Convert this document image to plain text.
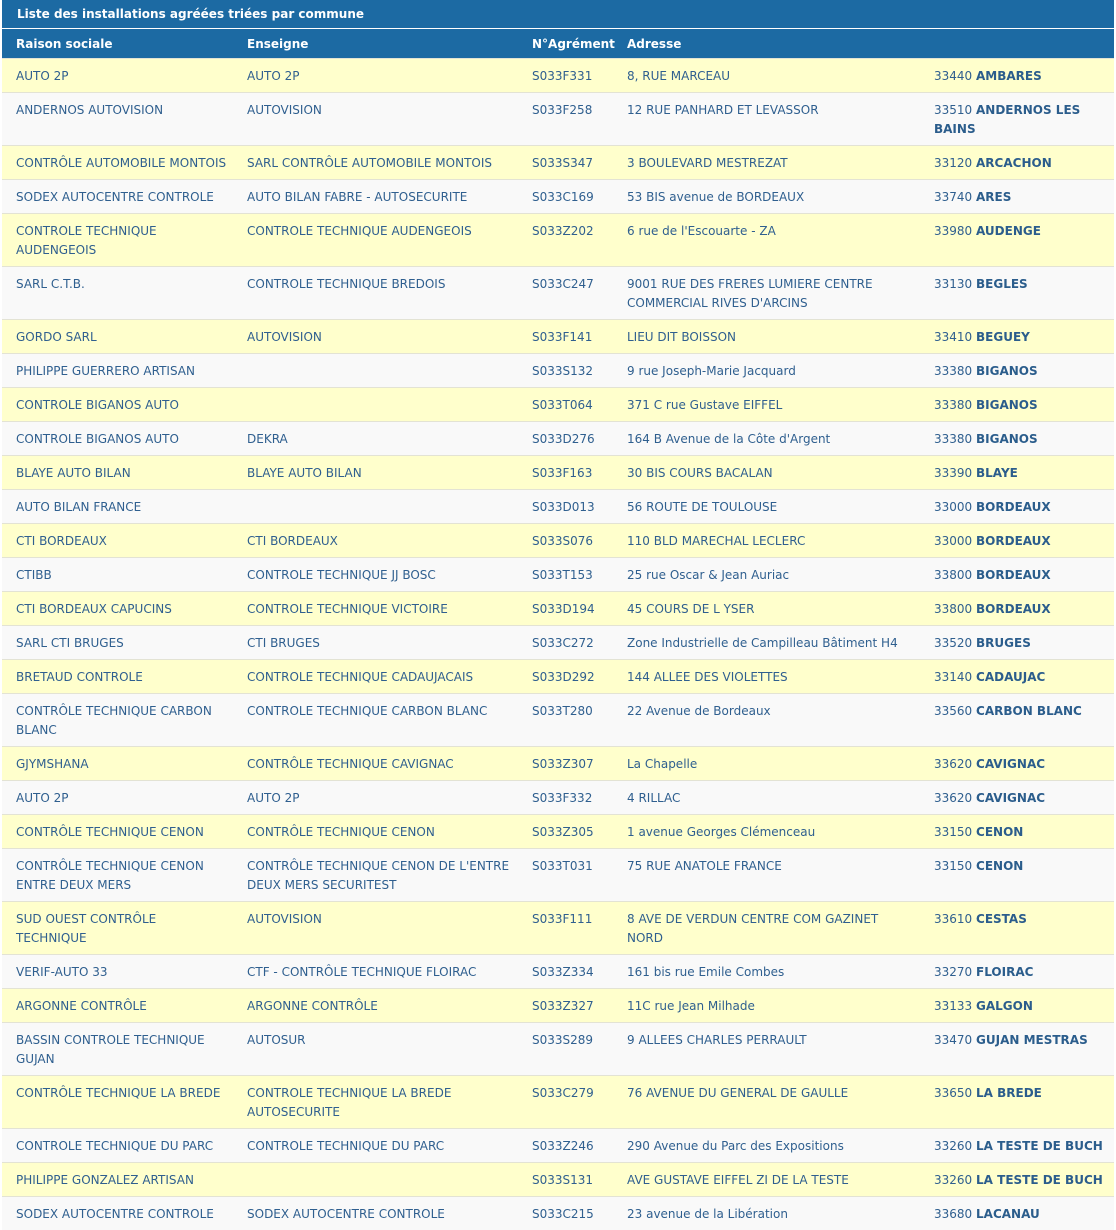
Liste des installations agréées triées par commune
Raison sociale	Enseigne	N°Agrément	Adresse	
AUTO 2P	AUTO 2P	S033F331	8, RUE MARCEAU	33440 AMBARES
ANDERNOS AUTOVISION	AUTOVISION	S033F258	12 RUE PANHARD ET LEVASSOR	33510 ANDERNOS LES BAINS
CONTRÔLE AUTOMOBILE MONTOIS	SARL CONTRÔLE AUTOMOBILE MONTOIS	S033S347	3 BOULEVARD MESTREZAT	33120 ARCACHON
SODEX AUTOCENTRE CONTROLE	AUTO BILAN FABRE - AUTOSECURITE	S033C169	53 BIS avenue de BORDEAUX	33740 ARES
CONTROLE TECHNIQUE AUDENGEOIS	CONTROLE TECHNIQUE AUDENGEOIS	S033Z202	6 rue de l'Escouarte - ZA	33980 AUDENGE
SARL C.T.B.	CONTROLE TECHNIQUE BREDOIS	S033C247	9001 RUE DES FRERES LUMIERE CENTRE COMMERCIAL RIVES D'ARCINS	33130 BEGLES
GORDO SARL	AUTOVISION	S033F141	LIEU DIT BOISSON	33410 BEGUEY
PHILIPPE GUERRERO ARTISAN		S033S132	9 rue Joseph-Marie Jacquard	33380 BIGANOS
CONTROLE BIGANOS AUTO		S033T064	371 C rue Gustave EIFFEL	33380 BIGANOS
CONTROLE BIGANOS AUTO	DEKRA	S033D276	164 B Avenue de la Côte d'Argent	33380 BIGANOS
BLAYE AUTO BILAN	BLAYE AUTO BILAN	S033F163	30 BIS COURS BACALAN	33390 BLAYE
AUTO BILAN FRANCE		S033D013	56 ROUTE DE TOULOUSE	33000 BORDEAUX
CTI BORDEAUX	CTI BORDEAUX	S033S076	110 BLD MARECHAL LECLERC	33000 BORDEAUX
CTIBB	CONTROLE TECHNIQUE JJ BOSC	S033T153	25 rue Oscar & Jean Auriac	33800 BORDEAUX
CTI BORDEAUX CAPUCINS	CONTROLE TECHNIQUE VICTOIRE	S033D194	45 COURS DE L YSER	33800 BORDEAUX
SARL CTI BRUGES	CTI BRUGES	S033C272	Zone Industrielle de Campilleau Bâtiment H4	33520 BRUGES
BRETAUD CONTROLE	CONTROLE TECHNIQUE CADAUJACAIS	S033D292	144 ALLEE DES VIOLETTES	33140 CADAUJAC
CONTRÔLE TECHNIQUE CARBON BLANC	CONTROLE TECHNIQUE CARBON BLANC	S033T280	22 Avenue de Bordeaux	33560 CARBON BLANC
GJYMSHANA	CONTRÔLE TECHNIQUE CAVIGNAC	S033Z307	La Chapelle	33620 CAVIGNAC
AUTO 2P	AUTO 2P	S033F332	4 RILLAC	33620 CAVIGNAC
CONTRÔLE TECHNIQUE CENON	CONTRÔLE TECHNIQUE CENON	S033Z305	1 avenue Georges Clémenceau	33150 CENON
CONTRÔLE TECHNIQUE CENON ENTRE DEUX MERS	CONTRÔLE TECHNIQUE CENON DE L'ENTRE DEUX MERS SECURITEST	S033T031	75 RUE ANATOLE FRANCE	33150 CENON
SUD OUEST CONTRÔLE TECHNIQUE	AUTOVISION	S033F111	8 AVE DE VERDUN CENTRE COM GAZINET NORD	33610 CESTAS
VERIF-AUTO 33	CTF - CONTRÔLE TECHNIQUE FLOIRAC	S033Z334	161 bis rue Emile Combes	33270 FLOIRAC
ARGONNE CONTRÔLE	ARGONNE CONTRÔLE	S033Z327	11C rue Jean Milhade	33133 GALGON
BASSIN CONTROLE TECHNIQUE GUJAN	AUTOSUR	S033S289	9 ALLEES CHARLES PERRAULT	33470 GUJAN MESTRAS
CONTRÔLE TECHNIQUE LA BREDE	CONTROLE TECHNIQUE LA BREDE AUTOSECURITE	S033C279	76 AVENUE DU GENERAL DE GAULLE	33650 LA BREDE
CONTROLE TECHNIQUE DU PARC	CONTROLE TECHNIQUE DU PARC	S033Z246	290 Avenue du Parc des Expositions	33260 LA TESTE DE BUCH
PHILIPPE GONZALEZ ARTISAN		S033S131	AVE GUSTAVE EIFFEL ZI DE LA TESTE	33260 LA TESTE DE BUCH
SODEX AUTOCENTRE CONTROLE	SODEX AUTOCENTRE CONTROLE	S033C215	23 avenue de la Libération	33680 LACANAU
